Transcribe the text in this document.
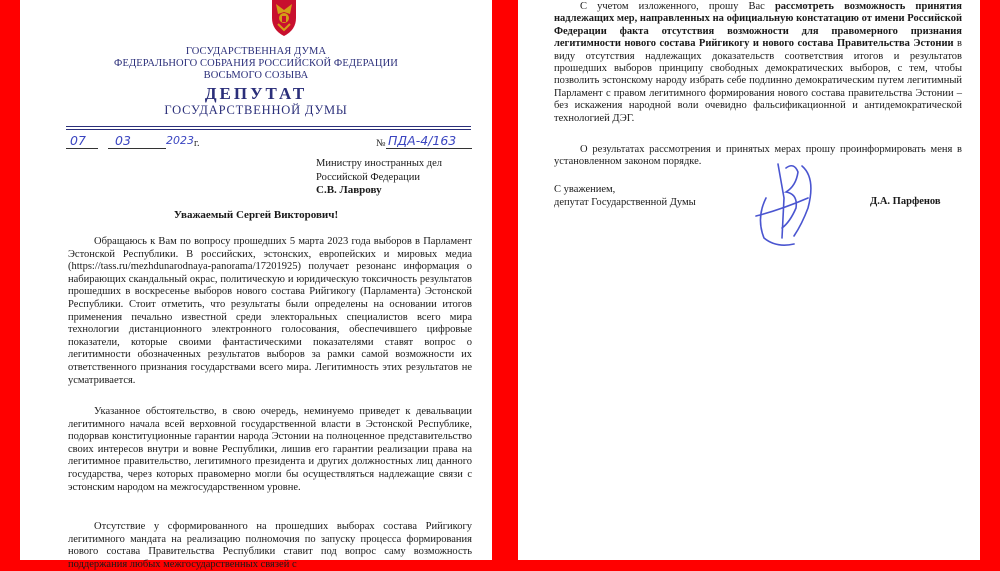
ГОСУДАРСТВЕННАЯ ДУМА
ФЕДЕРАЛЬНОГО СОБРАНИЯ РОССИЙСКОЙ ФЕДЕРАЦИИ
ВОСЬМОГО СОЗЫВА
ДЕПУТАТ
ГОСУДАРСТВЕННОЙ ДУМЫ
07 03	2023 г.	№ ПДА-4/163
Министру иностранных дел
Российской Федерации
С.В. Лаврову
Уважаемый Сергей Викторович!

Обращаюсь к Вам по вопросу прошедших 5 марта 2023 года выборов в Парламент Эстонской Республики. В российских, эстонских, европейских и мировых медиа (https://tass.ru/mezhdunarodnaya-panorama/17201925) получает резонанс информация о набирающих скандальный окрас, политическую и юридическую токсичность результатов прошедших в воскресенье выборов нового состава Рийгикогу (Парламента) Эстонской Республики. Стоит отметить, что результаты были определены на основании итогов применения печально известной среди электоральных специалистов всего мира технологии дистанционного электронного голосования, обеспечившего цифровые показатели, которые своими фантастическими показателями ставят вопрос о легитимности обозначенных результатов выборов за рамки самой возможности их ответственного признания государствами всего мира. Легитимность этих результатов не усматривается.

Указанное обстоятельство, в свою очередь, неминуемо приведет к девальвации легитимного начала всей верховной государственной власти в Эстонской Республике, подорвав конституционные гарантии народа Эстонии на полноценное представительство своих интересов внутри и вовне Республики, лишив его гарантии реализации права на легитимное правительство, легитимного президента и других должностных лиц данного государства, через которых правомерно могли бы осуществляться надлежащие связи с эстонским народом на межгосударственном уровне.

Отсутствие у сформированного на прошедших выборах состава Рийгикогу легитимного мандата на реализацию полномочия по запуску процесса формирования нового состава Правительства Республики ставит под вопрос саму возможность поддержания любых межгосударственных связей с

С учетом изложенного, прошу Вас рассмотреть возможность принятия надлежащих мер, направленных на официальную констатацию от имени Российской Федерации факта отсутствия возможности для правомерного признания легитимности нового состава Рийгикогу и нового состава Правительства Эстонии в виду отсутствия надлежащих доказательств соответствия итогов и результатов прошедших выборов принципу свободных демократических выборов, с тем, чтобы позволить эстонскому народу избрать себе подлинно демократическим путем легитимный Парламент с правом легитимного формирования нового состава правительства Эстонии – без искажения народной воли очевидно фальсификационной и антидемократической технологией ДЭГ.

О результатах рассмотрения и принятых мерах прошу проинформировать меня в установленном законом порядке.

С уважением,
депутат Государственной Думы	Д.А. Парфенов
